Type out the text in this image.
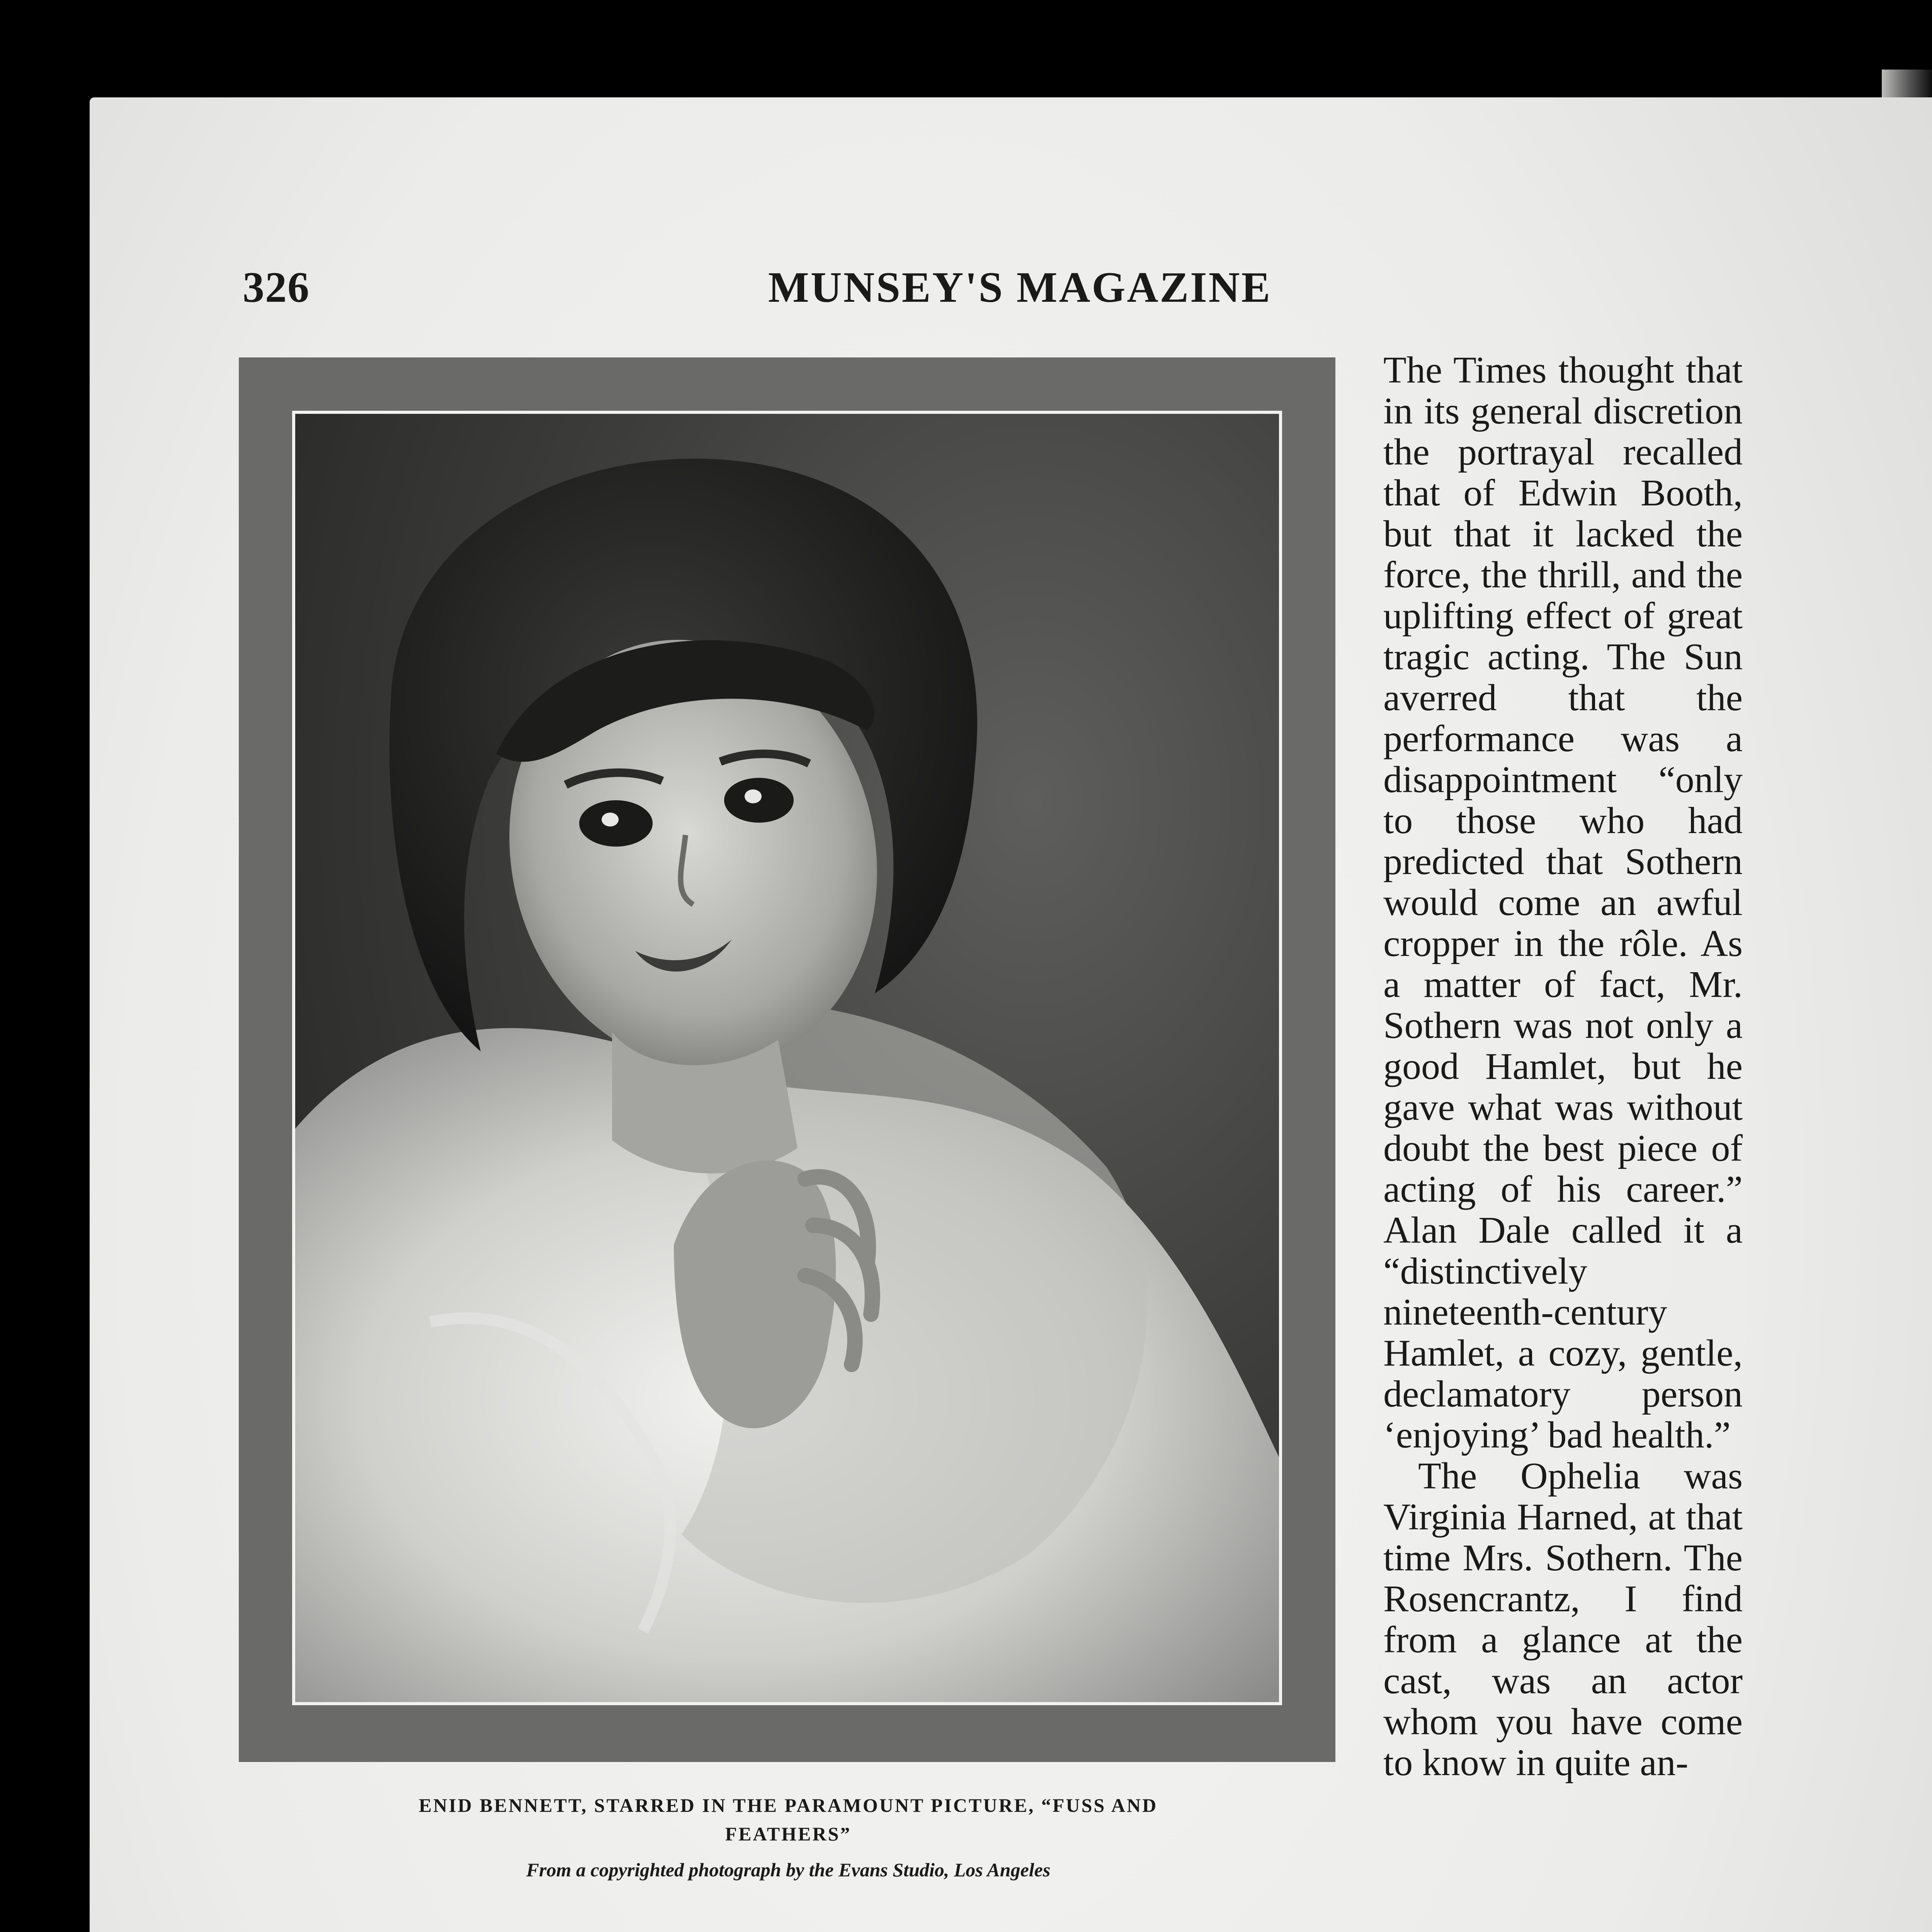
326	MUNSEY'S MAGAZINE
ENID BENNETT, STARRED IN THE PARAMOUNT PICTURE, “FUSS AND
FEATHERS”
From a copyrighted photograph by the Evans Studio, Los Angeles

The Times thought that in its general discretion the portrayal recalled that of Edwin Booth, but that it lacked the force, the thrill, and the uplifting effect of great tragic acting. The Sun averred that the performance was a disappointment “only to those who had predicted that Sothern would come an awful cropper in the rôle. As a matter of fact, Mr. Sothern was not only a good Hamlet, but he gave what was without doubt the best piece of acting of his career.” Alan Dale called it a “distinctively nineteenth-century Hamlet, a cozy, gentle, declamatory person ‘enjoying’ bad health.”

The Ophelia was Virginia Harned, at that time Mrs. Sothern. The Rosencrantz, I find from a glance at the cast, was an actor whom you have come to know in quite an-
